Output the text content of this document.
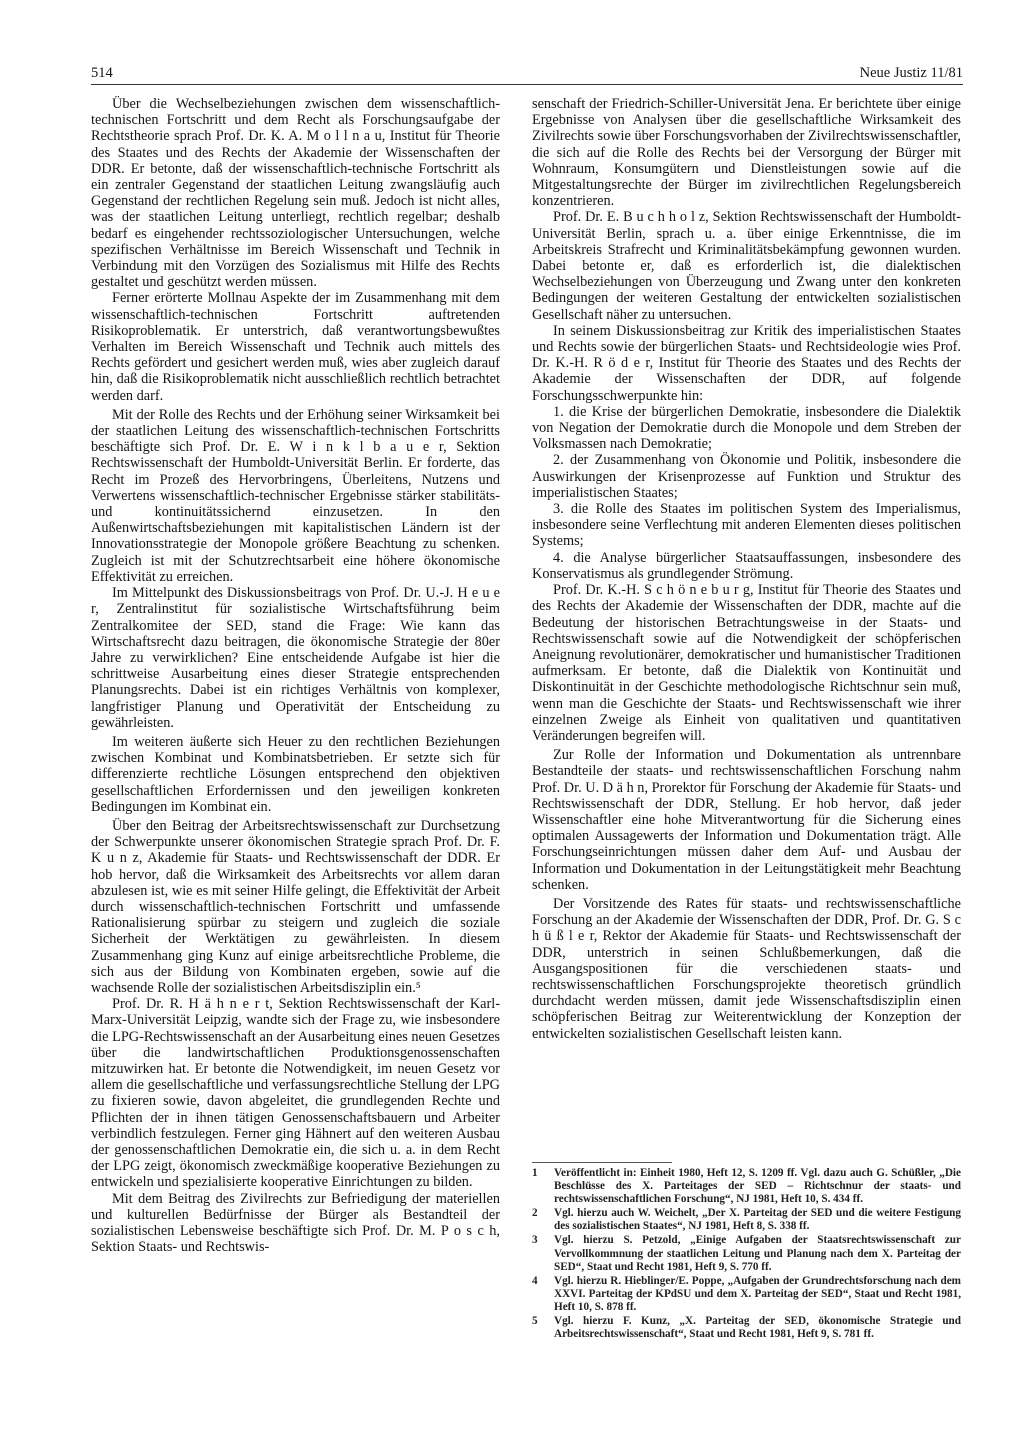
514	Neue Justiz 11/81

Über die Wechselbeziehungen zwischen dem wissenschaftlich-technischen Fortschritt und dem Recht als Forschungsaufgabe der Rechtstheorie sprach Prof. Dr. K. A. M o l l n a u, Institut für Theorie des Staates und des Rechts der Akademie der Wissenschaften der DDR. Er betonte, daß der wissenschaftlich-technische Fortschritt als ein zentraler Gegenstand der staatlichen Leitung zwangsläufig auch Gegenstand der rechtlichen Regelung sein muß. Jedoch ist nicht alles, was der staatlichen Leitung unterliegt, rechtlich regelbar; deshalb bedarf es eingehender rechtssoziologischer Untersuchungen, welche spezifischen Verhältnisse im Bereich Wissenschaft und Technik in Verbindung mit den Vorzügen des Sozialismus mit Hilfe des Rechts gestaltet und geschützt werden müssen.

Ferner erörterte Mollnau Aspekte der im Zusammenhang mit dem wissenschaftlich-technischen Fortschritt auftretenden Risikoproblematik. Er unterstrich, daß verantwortungsbewußtes Verhalten im Bereich Wissenschaft und Technik auch mittels des Rechts gefördert und gesichert werden muß, wies aber zugleich darauf hin, daß die Risikoproblematik nicht ausschließlich rechtlich betrachtet werden darf.

Mit der Rolle des Rechts und der Erhöhung seiner Wirksamkeit bei der staatlichen Leitung des wissenschaftlich-technischen Fortschritts beschäftigte sich Prof. Dr. E. W i n k l b a u e r, Sektion Rechtswissenschaft der Humboldt-Universität Berlin. Er forderte, das Recht im Prozeß des Hervorbringens, Überleitens, Nutzens und Verwertens wissenschaftlich-technischer Ergebnisse stärker stabilitäts- und kontinuitätssichernd einzusetzen. In den Außenwirtschaftsbeziehungen mit kapitalistischen Ländern ist der Innovationsstrategie der Monopole größere Beachtung zu schenken. Zugleich ist mit der Schutzrechtsarbeit eine höhere ökonomische Effektivität zu erreichen.

Im Mittelpunkt des Diskussionsbeitrags von Prof. Dr. U.-J. H e u e r, Zentralinstitut für sozialistische Wirtschaftsführung beim Zentralkomitee der SED, stand die Frage: Wie kann das Wirtschaftsrecht dazu beitragen, die ökonomische Strategie der 80er Jahre zu verwirklichen? Eine entscheidende Aufgabe ist hier die schrittweise Ausarbeitung eines dieser Strategie entsprechenden Planungsrechts. Dabei ist ein richtiges Verhältnis von komplexer, langfristiger Planung und Operativität der Entscheidung zu gewährleisten.

Im weiteren äußerte sich Heuer zu den rechtlichen Beziehungen zwischen Kombinat und Kombinatsbetrieben. Er setzte sich für differenzierte rechtliche Lösungen entsprechend den objektiven gesellschaftlichen Erfordernissen und den jeweiligen konkreten Bedingungen im Kombinat ein.

Über den Beitrag der Arbeitsrechtswissenschaft zur Durchsetzung der Schwerpunkte unserer ökonomischen Strategie sprach Prof. Dr. F. K u n z, Akademie für Staats- und Rechtswissenschaft der DDR. Er hob hervor, daß die Wirksamkeit des Arbeitsrechts vor allem daran abzulesen ist, wie es mit seiner Hilfe gelingt, die Effektivität der Arbeit durch wissenschaftlich-technischen Fortschritt und umfassende Rationalisierung spürbar zu steigern und zugleich die soziale Sicherheit der Werktätigen zu gewährleisten. In diesem Zusammenhang ging Kunz auf einige arbeitsrechtliche Probleme, die sich aus der Bildung von Kombinaten ergeben, sowie auf die wachsende Rolle der sozialistischen Arbeitsdisziplin ein.⁵

Prof. Dr. R. H ä h n e r t, Sektion Rechtswissenschaft der Karl-Marx-Universität Leipzig, wandte sich der Frage zu, wie insbesondere die LPG-Rechtswissenschaft an der Ausarbeitung eines neuen Gesetzes über die landwirtschaftlichen Produktionsgenossenschaften mitzuwirken hat. Er betonte die Notwendigkeit, im neuen Gesetz vor allem die gesellschaftliche und verfassungsrechtliche Stellung der LPG zu fixieren sowie, davon abgeleitet, die grundlegenden Rechte und Pflichten der in ihnen tätigen Genossenschaftsbauern und Arbeiter verbindlich festzulegen. Ferner ging Hähnert auf den weiteren Ausbau der genossenschaftlichen Demokratie ein, die sich u. a. in dem Recht der LPG zeigt, ökonomisch zweckmäßige kooperative Beziehungen zu entwickeln und spezialisierte kooperative Einrichtungen zu bilden.

Mit dem Beitrag des Zivilrechts zur Befriedigung der materiellen und kulturellen Bedürfnisse der Bürger als Bestandteil der sozialistischen Lebensweise beschäftigte sich Prof. Dr. M. P o s c h, Sektion Staats- und Rechtswis-

senschaft der Friedrich-Schiller-Universität Jena. Er berichtete über einige Ergebnisse von Analysen über die gesellschaftliche Wirksamkeit des Zivilrechts sowie über Forschungsvorhaben der Zivilrechtswissenschaftler, die sich auf die Rolle des Rechts bei der Versorgung der Bürger mit Wohnraum, Konsumgütern und Dienstleistungen sowie auf die Mitgestaltungsrechte der Bürger im zivilrechtlichen Regelungsbereich konzentrieren.

Prof. Dr. E. B u c h h o l z, Sektion Rechtswissenschaft der Humboldt-Universität Berlin, sprach u. a. über einige Erkenntnisse, die im Arbeitskreis Strafrecht und Kriminalitätsbekämpfung gewonnen wurden. Dabei betonte er, daß es erforderlich ist, die dialektischen Wechselbeziehungen von Überzeugung und Zwang unter den konkreten Bedingungen der weiteren Gestaltung der entwickelten sozialistischen Gesellschaft näher zu untersuchen.

In seinem Diskussionsbeitrag zur Kritik des imperialistischen Staates und Rechts sowie der bürgerlichen Staats- und Rechtsideologie wies Prof. Dr. K.-H. R ö d e r, Institut für Theorie des Staates und des Rechts der Akademie der Wissenschaften der DDR, auf folgende Forschungsschwerpunkte hin:

1. die Krise der bürgerlichen Demokratie, insbesondere die Dialektik von Negation der Demokratie durch die Monopole und dem Streben der Volksmassen nach Demokratie;

2. der Zusammenhang von Ökonomie und Politik, insbesondere die Auswirkungen der Krisenprozesse auf Funktion und Struktur des imperialistischen Staates;

3. die Rolle des Staates im politischen System des Imperialismus, insbesondere seine Verflechtung mit anderen Elementen dieses politischen Systems;

4. die Analyse bürgerlicher Staatsauffassungen, insbesondere des Konservatismus als grundlegender Strömung.

Prof. Dr. K.-H. S c h ö n e b u r g, Institut für Theorie des Staates und des Rechts der Akademie der Wissenschaften der DDR, machte auf die Bedeutung der historischen Betrachtungsweise in der Staats- und Rechtswissenschaft sowie auf die Notwendigkeit der schöpferischen Aneignung revolutionärer, demokratischer und humanistischer Traditionen aufmerksam. Er betonte, daß die Dialektik von Kontinuität und Diskontinuität in der Geschichte methodologische Richtschnur sein muß, wenn man die Geschichte der Staats- und Rechtswissenschaft wie ihrer einzelnen Zweige als Einheit von qualitativen und quantitativen Veränderungen begreifen will.

Zur Rolle der Information und Dokumentation als untrennbare Bestandteile der staats- und rechtswissenschaftlichen Forschung nahm Prof. Dr. U. D ä h n, Prorektor für Forschung der Akademie für Staats- und Rechtswissenschaft der DDR, Stellung. Er hob hervor, daß jeder Wissenschaftler eine hohe Mitverantwortung für die Sicherung eines optimalen Aussagewerts der Information und Dokumentation trägt. Alle Forschungseinrichtungen müssen daher dem Auf- und Ausbau der Information und Dokumentation in der Leitungstätigkeit mehr Beachtung schenken.

Der Vorsitzende des Rates für staats- und rechtswissenschaftliche Forschung an der Akademie der Wissenschaften der DDR, Prof. Dr. G. S c h ü ß l e r, Rektor der Akademie für Staats- und Rechtswissenschaft der DDR, unterstrich in seinen Schlußbemerkungen, daß die Ausgangspositionen für die verschiedenen staats- und rechtswissenschaftlichen Forschungsprojekte theoretisch gründlich durchdacht werden müssen, damit jede Wissenschaftsdisziplin einen schöpferischen Beitrag zur Weiterentwicklung der Konzeption der entwickelten sozialistischen Gesellschaft leisten kann.

1	Veröffentlicht in: Einheit 1980, Heft 12, S. 1209 ff. Vgl. dazu auch G. Schüßler, „Die Beschlüsse des X. Parteitages der SED – Richtschnur der staats- und rechtswissenschaftlichen Forschung“, NJ 1981, Heft 10, S. 434 ff.
2	Vgl. hierzu auch W. Weichelt, „Der X. Parteitag der SED und die weitere Festigung des sozialistischen Staates“, NJ 1981, Heft 8, S. 338 ff.
3	Vgl. hierzu S. Petzold, „Einige Aufgaben der Staatsrechtswissenschaft zur Vervollkommnung der staatlichen Leitung und Planung nach dem X. Parteitag der SED“, Staat und Recht 1981, Heft 9, S. 770 ff.
4	Vgl. hierzu R. Hieblinger/E. Poppe, „Aufgaben der Grundrechtsforschung nach dem XXVI. Parteitag der KPdSU und dem X. Parteitag der SED“, Staat und Recht 1981, Heft 10, S. 878 ff.
5	Vgl. hierzu F. Kunz, „X. Parteitag der SED, ökonomische Strategie und Arbeitsrechtswissenschaft“, Staat und Recht 1981, Heft 9, S. 781 ff.
